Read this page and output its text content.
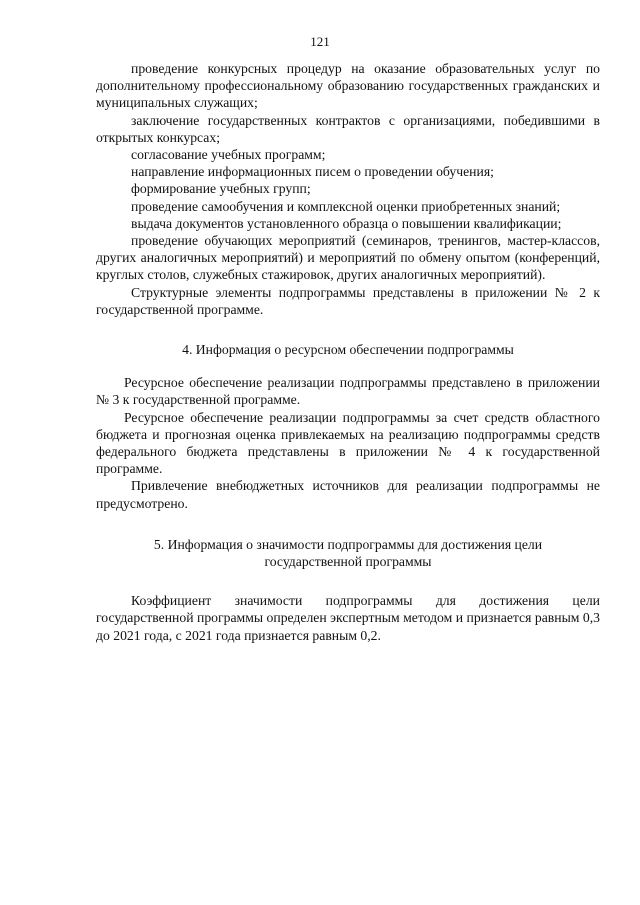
121

проведение конкурсных процедур на оказание образовательных услуг по дополнительному профессиональному образованию государственных гражданских и муниципальных служащих;

заключение государственных контрактов с организациями, победившими в открытых конкурсах;

согласование учебных программ;

направление информационных писем о проведении обучения;

формирование учебных групп;

проведение самообучения и комплексной оценки приобретенных знаний;

выдача документов установленного образца о повышении квалификации;

проведение обучающих мероприятий (семинаров, тренингов, мастер-классов, других аналогичных мероприятий) и мероприятий по обмену опытом (конференций, круглых столов, служебных стажировок, других аналогичных мероприятий).

Структурные элементы подпрограммы представлены в приложении № 2 к государственной программе.

4. Информация о ресурсном обеспечении подпрограммы

Ресурсное обеспечение реализации подпрограммы представлено в приложении № 3 к государственной программе.

Ресурсное обеспечение реализации подпрограммы за счет средств областного бюджета и прогнозная оценка привлекаемых на реализацию подпрограммы средств федерального бюджета представлены в приложении № 4 к государственной программе.

Привлечение внебюджетных источников для реализации подпрограммы не предусмотрено.

5. Информация о значимости подпрограммы для достижения цели
государственной программы

Коэффициент значимости подпрограммы для достижения цели государственной программы определен экспертным методом и признается равным 0,3 до 2021 года, с 2021 года признается равным 0,2.
